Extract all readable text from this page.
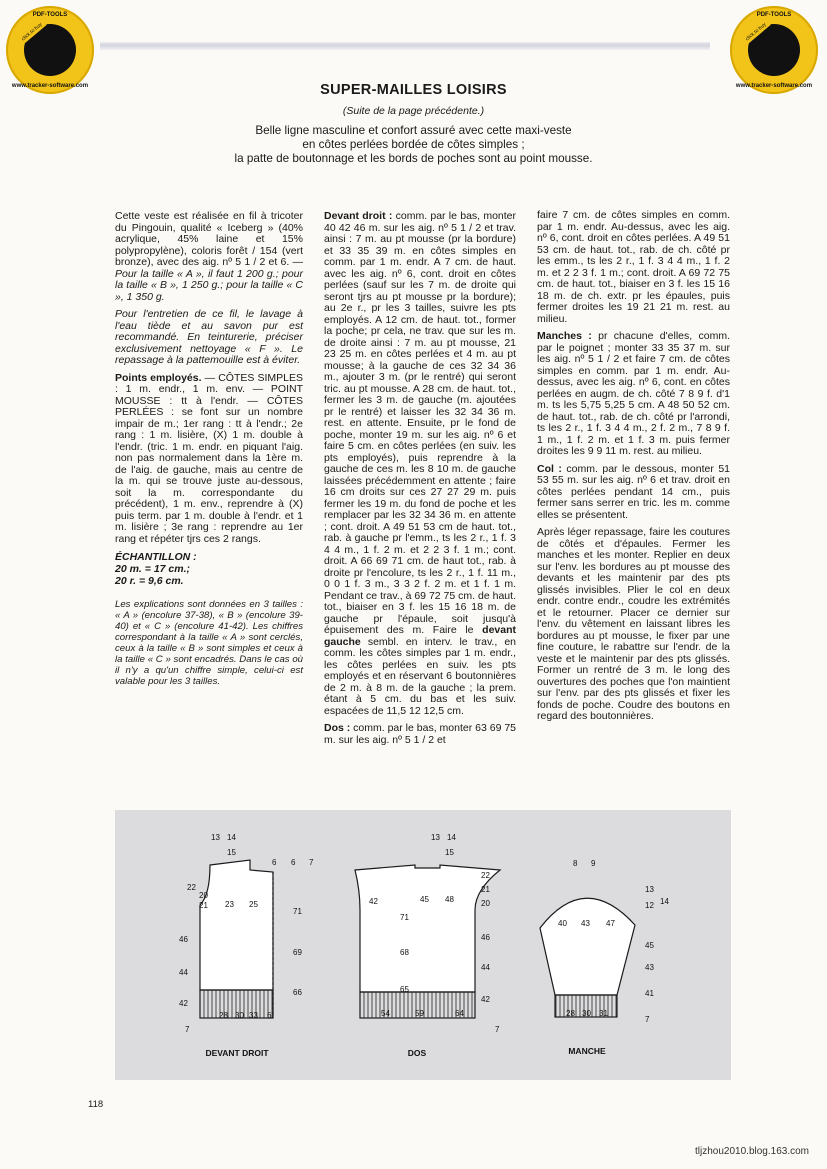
PDF-TOOLS
click to buy NOW!
www.tracker-software.com
PDF-TOOLS
click to buy NOW!
www.tracker-software.com
SUPER-MAILLES LOISIRS
(Suite de la page précédente.)
Belle ligne masculine et confort assuré avec cette maxi-veste
en côtes perlées bordée de côtes simples ;
la patte de boutonnage et les bords de poches sont au point mousse.

Cette veste est réalisée en fil à tricoter du Pingouin, qualité « Iceberg » (40% acrylique, 45% laine et 15% polypropylène), coloris forêt / 154 (vert bronze), avec des aig. nº 5 1 / 2 et 6. — Pour la taille « A », il faut 1 200 g.; pour la taille « B », 1 250 g.; pour la taille « C », 1 350 g.

Pour l'entretien de ce fil, le lavage à l'eau tiède et au savon pur est recommandé. En teinturerie, préciser exclusivement nettoyage « F ». Le repassage à la pattemouille est à éviter.

Points employés. — CÔTES SIMPLES : 1 m. endr., 1 m. env. — POINT MOUSSE : tt à l'endr. — CÔTES PERLÉES : se font sur un nombre impair de m.; 1er rang : tt à l'endr.; 2e rang : 1 m. lisière, (X) 1 m. double à l'endr. (tric. 1 m. endr. en piquant l'aig. non pas normalement dans la 1ère m. de l'aig. de gauche, mais au centre de la m. qui se trouve juste au-dessous, soit la m. correspondante du précédent), 1 m. env., reprendre à (X) puis term. par 1 m. double à l'endr. et 1 m. lisière ; 3e rang : reprendre au 1er rang et répéter tjrs ces 2 rangs.

ÉCHANTILLON :
20 m. = 17 cm.;
20 r. = 9,6 cm.

Les explications sont données en 3 tailles : « A » (encolure 37-38), « B » (encolure 39-40) et « C » (encolure 41-42). Les chiffres correspondant à la taille « A » sont cerclés, ceux à la taille « B » sont simples et ceux à la taille « C » sont encadrés. Dans le cas où il n'y a qu'un chiffre simple, celui-ci est valable pour les 3 tailles.

Devant droit : comm. par le bas, monter 40 42 46 m. sur les aig. nº 5 1 / 2 et trav. ainsi : 7 m. au pt mousse (pr la bordure) et 33 35 39 m. en côtes simples en comm. par 1 m. endr. A 7 cm. de haut. avec les aig. nº 6, cont. droit en côtes perlées (sauf sur les 7 m. de droite qui seront tjrs au pt mousse pr la bordure); au 2e r., pr les 3 tailles, suivre les pts employés. A 12 cm. de haut. tot., former la poche; pr cela, ne trav. que sur les m. de droite ainsi : 7 m. au pt mousse, 21 23 25 m. en côtes perlées et 4 m. au pt mousse; à la gauche de ces 32 34 36 m., ajouter 3 m. (pr le rentré) qui seront tric. au pt mousse. A 28 cm. de haut. tot., fermer les 3 m. de gauche (m. ajoutées pr le rentré) et laisser les 32 34 36 m. rest. en attente. Ensuite, pr le fond de poche, monter 19 m. sur les aig. nº 6 et faire 5 cm. en côtes perlées (en suiv. les pts employés), puis reprendre à la gauche de ces m. les 8 10 m. de gauche laissées précédemment en attente ; faire 16 cm droits sur ces 27 27 29 m. puis fermer les 19 m. du fond de poche et les remplacer par les 32 34 36 m. en attente ; cont. droit. A 49 51 53 cm de haut. tot., rab. à gauche pr l'emm., ts les 2 r., 1 f. 3 4 4 m., 1 f. 2 m. et 2 2 3 f. 1 m.; cont. droit. A 66 69 71 cm. de haut tot., rab. à droite pr l'encolure, ts les 2 r., 1 f. 11 m., 0 0 1 f. 3 m., 3 3 2 f. 2 m. et 1 f. 1 m. Pendant ce trav., à 69 72 75 cm. de haut. tot., biaiser en 3 f. les 15 16 18 m. de gauche pr l'épaule, soit jusqu'à épuisement des m. Faire le devant gauche sembl. en interv. le trav., en comm. les côtes simples par 1 m. endr., les côtes perlées en suiv. les pts employés et en réservant 6 boutonnières de 2 m. à 8 m. de la gauche ; la prem. étant à 5 cm. du bas et les suiv. espacées de 11,5 12 12,5 cm.

Dos : comm. par le bas, monter 63 69 75 m. sur les aig. nº 5 1 / 2 et

faire 7 cm. de côtes simples en comm. par 1 m. endr. Au-dessus, avec les aig. nº 6, cont. droit en côtes perlées. A 49 51 53 cm. de haut. tot., rab. de ch. côté pr les emm., ts les 2 r., 1 f. 3 4 4 m., 1 f. 2 m. et 2 2 3 f. 1 m.; cont. droit. A 69 72 75 cm. de haut. tot., biaiser en 3 f. les 15 16 18 m. de ch. extr. pr les épaules, puis fermer droites les 19 21 21 m. rest. au milieu.

Manches : pr chacune d'elles, comm. par le poignet ; monter 33 35 37 m. sur les aig. nº 5 1 / 2 et faire 7 cm. de côtes simples en comm. par 1 m. endr. Au-dessus, avec les aig. nº 6, cont. en côtes perlées en augm. de ch. côté 7 8 9 f. d'1 m. ts les 5,75 5,25 5 cm. A 48 50 52 cm. de haut. tot., rab. de ch. côté pr l'arrondi, ts les 2 r., 1 f. 3 4 4 m., 2 f. 2 m., 7 8 9 f. 1 m., 1 f. 2 m. et 1 f. 3 m. puis fermer droites les 9 9 11 m. rest. au milieu.

Col : comm. par le dessous, monter 51 53 55 m. sur les aig. nº 6 et trav. droit en côtes perlées pendant 14 cm., puis fermer sans serrer en tric. les m. comme elles se présentent.

Après léger repassage, faire les coutures de côtés et d'épaules. Fermer les manches et les monter. Replier en deux sur l'env. les bordures au pt mousse des devants et les maintenir par des pts glissés invisibles. Plier le col en deux endr. contre endr., coudre les extrémités et le retourner. Placer ce dernier sur l'env. du vêtement en laissant libres les bordures au pt mousse, le fixer par une fine couture, le rabattre sur l'endr. de la veste et le maintenir par des pts glissés. Former un rentré de 3 m. le long des ouvertures des poches que l'on maintient sur l'env. par des pts glissés et fixer les fonds de poche. Coudre des boutons en regard des boutonnières.

13 14
15
6 6 7
21
20
22
23 25
71
69
66
46
44
42
28 30 33 6
7
13 14
15
42	45 48
71
68
65
20
21
22
46
44
42
54	59	64
7
8 9
13
14
12
40 43 47
45
43
41
28 30 31
7
DEVANT DROIT	DOS	MANCHE
118
tljzhou2010.blog.163.com
